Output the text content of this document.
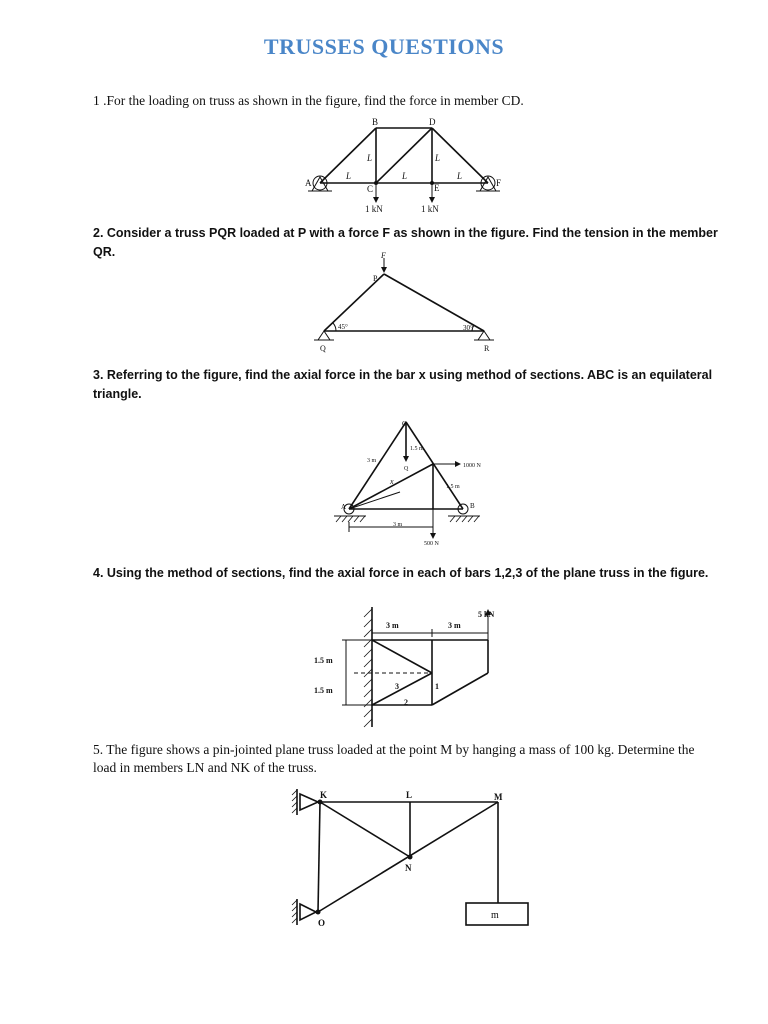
TRUSSES QUESTIONS

1 .For the loading on truss as shown in the figure, find the force in member CD.

B	D
A	F
C	E
L	L
L	L	L
1 kN	1 kN

2. Consider a truss PQR loaded at P with a force F as shown in the figure. Find the tension in the member QR.	F
P
Q	R
45°	30°

3. Referring to the figure, find the axial force in the bar x using method of sections. ABC is an equilateral triangle.

C
A	B
Q
x
3 m
1.5 m
1.5 m
3 m
1000 N
500 N

4. Using the method of sections, find the axial force in each of bars 1,2,3 of the plane truss in the figure.

3 m	3 m
5 kN
1.5 m
1.5 m	1
2
3

5. The figure shows a pin-jointed plane truss loaded at the point M by hanging a mass of 100 kg. Determine the load in members LN and NK of the truss.

K	L	M
N
O
m
